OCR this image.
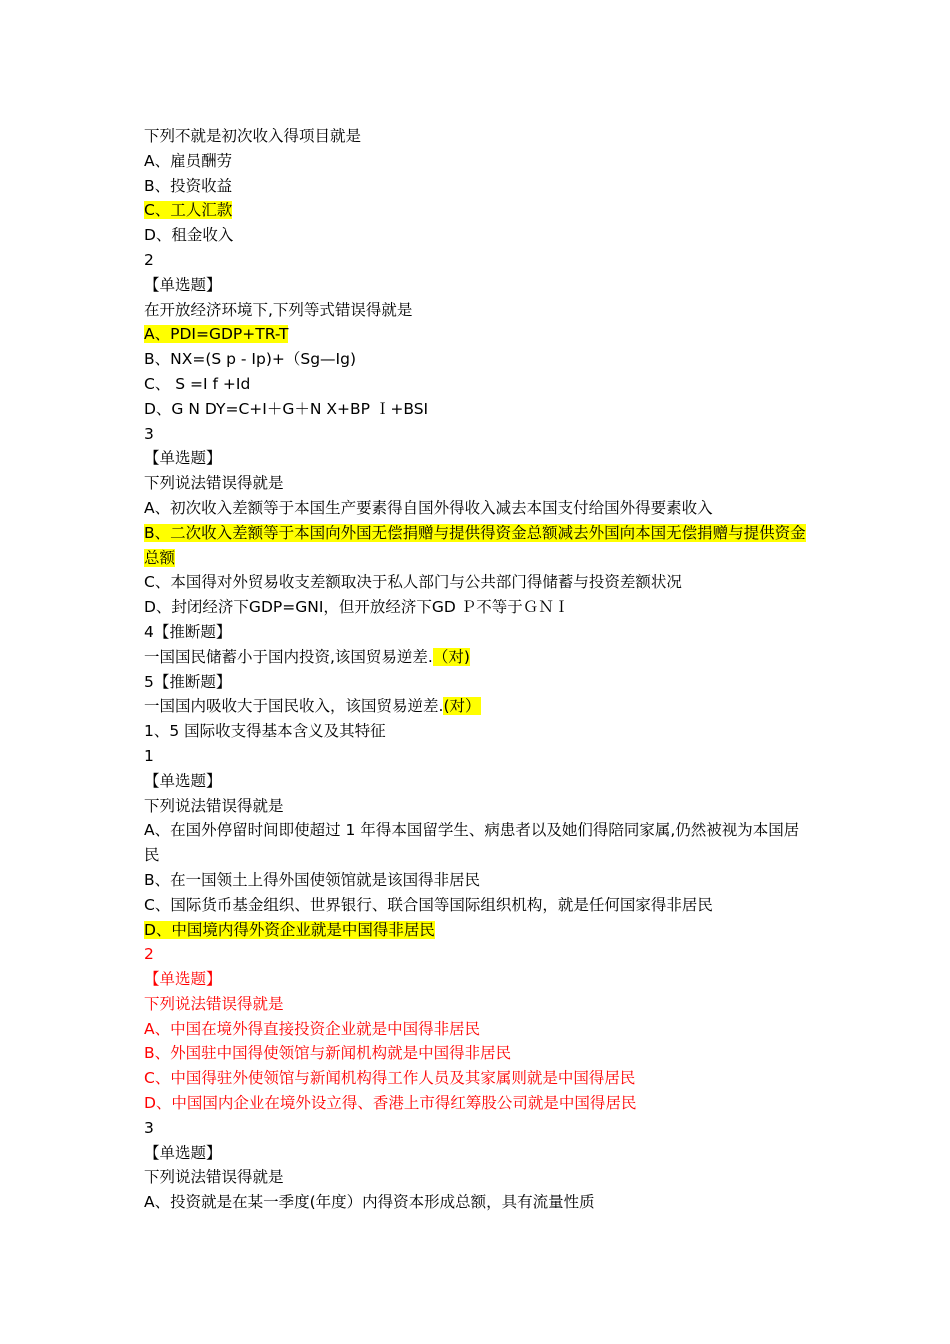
下列不就是初次收入得项目就是
A、雇员酬劳
B、投资收益
C、工人汇款
D、租金收入
2
【单选题】
在开放经济环境下,下列等式错误得就是
A、PDI=GDP+TR-T
B、NX=(S p - Ip)+（Sg—Ig)
C、 S =I f +Id
D、G N DY=C+I＋G＋N X+BP Ｉ+BSI
3
【单选题】
下列说法错误得就是
A、初次收入差额等于本国生产要素得自国外得收入减去本国支付给国外得要素收入
B、二次收入差额等于本国向外国无偿捐赠与提供得资金总额减去外国向本国无偿捐赠与提供资金总额
C、本国得对外贸易收支差额取决于私人部门与公共部门得储蓄与投资差额状况
D、封闭经济下GDP=GNI，但开放经济下GD Ｐ不等于ＧＮＩ
4【推断题】
一国国民储蓄小于国内投资,该国贸易逆差.（对)
5【推断题】
一国国内吸收大于国民收入，该国贸易逆差.(对）
1、5 国际收支得基本含义及其特征
1
【单选题】
下列说法错误得就是
A、在国外停留时间即使超过 1 年得本国留学生、病患者以及她们得陪同家属,仍然被视为本国居民
B、在一国领土上得外国使领馆就是该国得非居民
C、国际货币基金组织、世界银行、联合国等国际组织机构，就是任何国家得非居民
D、中国境内得外资企业就是中国得非居民
2
【单选题】
下列说法错误得就是
A、中国在境外得直接投资企业就是中国得非居民
B、外国驻中国得使领馆与新闻机构就是中国得非居民
C、中国得驻外使领馆与新闻机构得工作人员及其家属则就是中国得居民
D、中国国内企业在境外设立得、香港上市得红筹股公司就是中国得居民
3
【单选题】
下列说法错误得就是
A、投资就是在某一季度(年度）内得资本形成总额，具有流量性质
